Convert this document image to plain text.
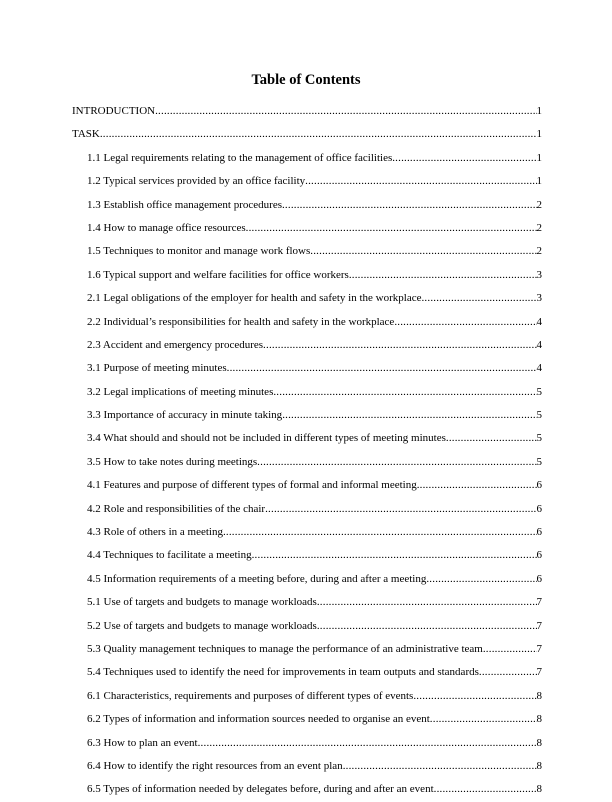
Table of Contents
INTRODUCTION .....	1
TASK .....	1
1.1 Legal requirements relating to the management of office facilities .....	1
1.2 Typical services provided by an office facility .....	1
1.3 Establish office management procedures .....	2
1.4 How to manage office resources .....	2
1.5 Techniques to monitor and manage work flows .....	2
1.6 Typical support and welfare facilities for office workers .....	3
2.1 Legal obligations of the employer for health and safety in the workplace .....	3
2.2 Individual’s responsibilities for health and safety in the workplace .....	4
2.3 Accident and emergency procedures .....	4
3.1 Purpose of meeting minutes .....	4
3.2 Legal implications of meeting minutes .....	5
3.3 Importance of accuracy in minute taking .....	5
3.4 What should and should not be included in different types of meeting minutes .....	5
3.5 How to take notes during meetings .....	5
4.1 Features and purpose of different types of formal and informal meeting .....	6
4.2 Role and responsibilities of the chair .....	6
4.3 Role of others in a meeting .....	6
4.4 Techniques to facilitate a meeting .....	6
4.5 Information requirements of a meeting before, during and after a meeting .....	6
5.1 Use of targets and budgets to manage workloads .....	7
5.2 Use of targets and budgets to manage workloads .....	7
5.3 Quality management techniques to manage the performance of an administrative team .....	7
5.4 Techniques used to identify the need for improvements in team outputs and standards .....	7
6.1 Characteristics, requirements and purposes of different types of events .....	8
6.2 Types of information and information sources needed to organise an event .....	8
6.3 How to plan an event .....	8
6.4 How to identify the right resources from an event plan .....	8
6.5 Types of information needed by delegates before, during and after an event .....	8
